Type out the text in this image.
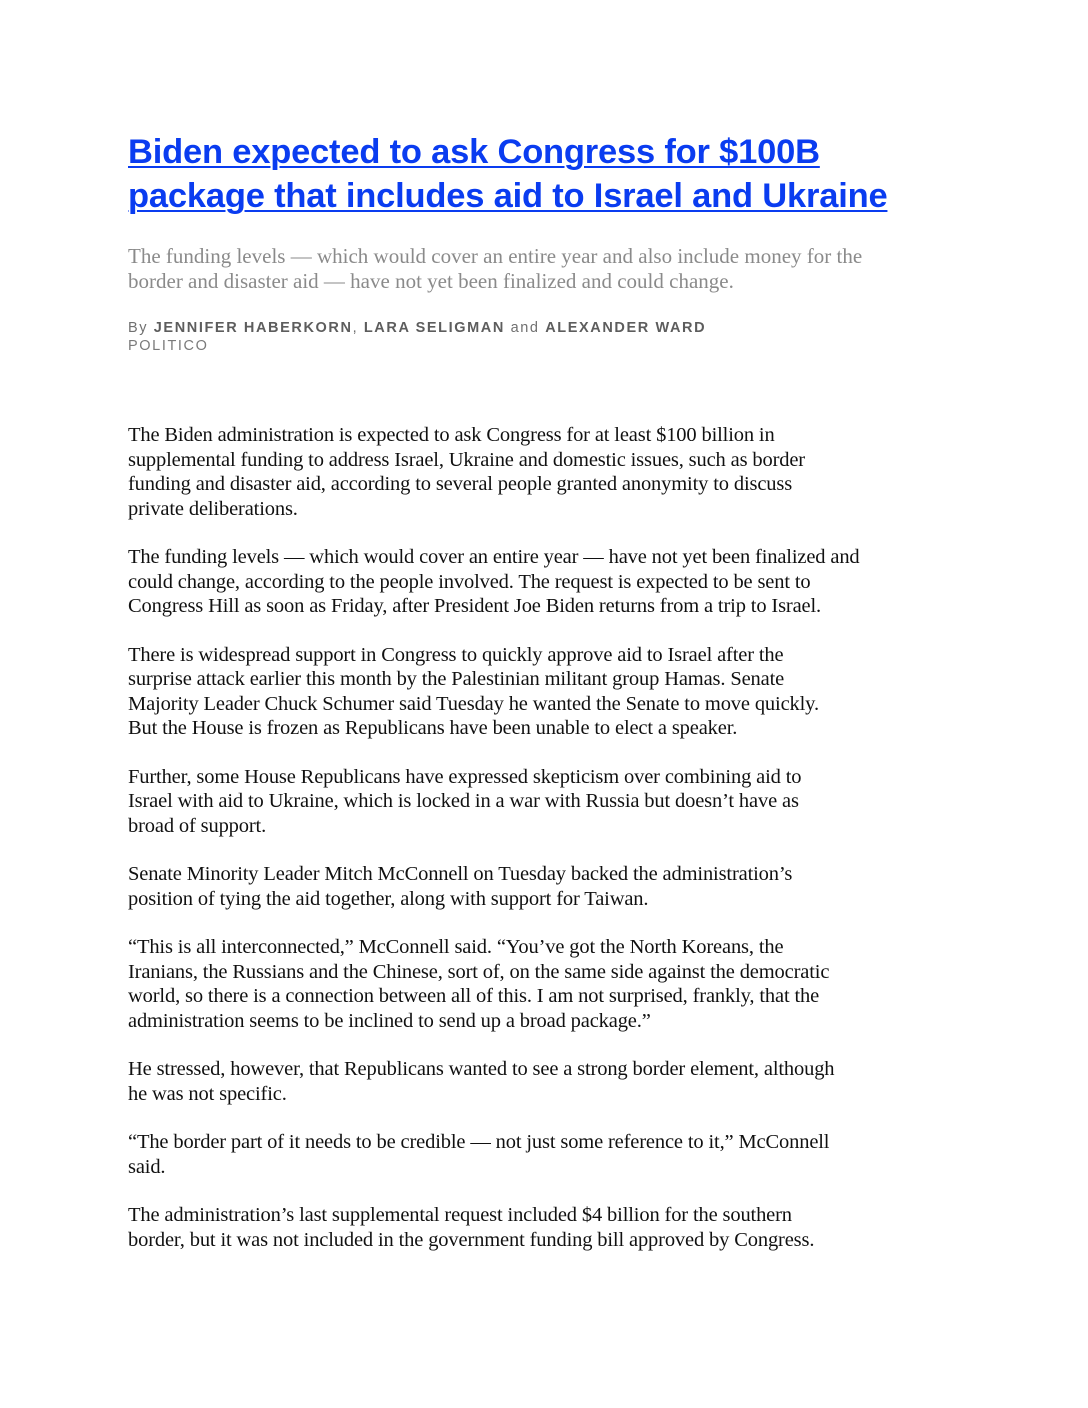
Biden expected to ask Congress for $100B
package that includes aid to Israel and Ukraine
The funding levels — which would cover an entire year and also include money for the
border and disaster aid — have not yet been finalized and could change.
By JENNIFER HABERKORN, LARA SELIGMAN and ALEXANDER WARD
POLITICO

The Biden administration is expected to ask Congress for at least $100 billion in
supplemental funding to address Israel, Ukraine and domestic issues, such as border
funding and disaster aid, according to several people granted anonymity to discuss
private deliberations.

The funding levels — which would cover an entire year — have not yet been finalized and
could change, according to the people involved. The request is expected to be sent to
Congress Hill as soon as Friday, after President Joe Biden returns from a trip to Israel.

There is widespread support in Congress to quickly approve aid to Israel after the
surprise attack earlier this month by the Palestinian militant group Hamas. Senate
Majority Leader Chuck Schumer said Tuesday he wanted the Senate to move quickly.
But the House is frozen as Republicans have been unable to elect a speaker.

Further, some House Republicans have expressed skepticism over combining aid to
Israel with aid to Ukraine, which is locked in a war with Russia but doesn’t have as
broad of support.

Senate Minority Leader Mitch McConnell on Tuesday backed the administration’s
position of tying the aid together, along with support for Taiwan.

“This is all interconnected,” McConnell said. “You’ve got the North Koreans, the
Iranians, the Russians and the Chinese, sort of, on the same side against the democratic
world, so there is a connection between all of this. I am not surprised, frankly, that the
administration seems to be inclined to send up a broad package.”

He stressed, however, that Republicans wanted to see a strong border element, although
he was not specific.

“The border part of it needs to be credible — not just some reference to it,” McConnell
said.

The administration’s last supplemental request included $4 billion for the southern
border, but it was not included in the government funding bill approved by Congress.
